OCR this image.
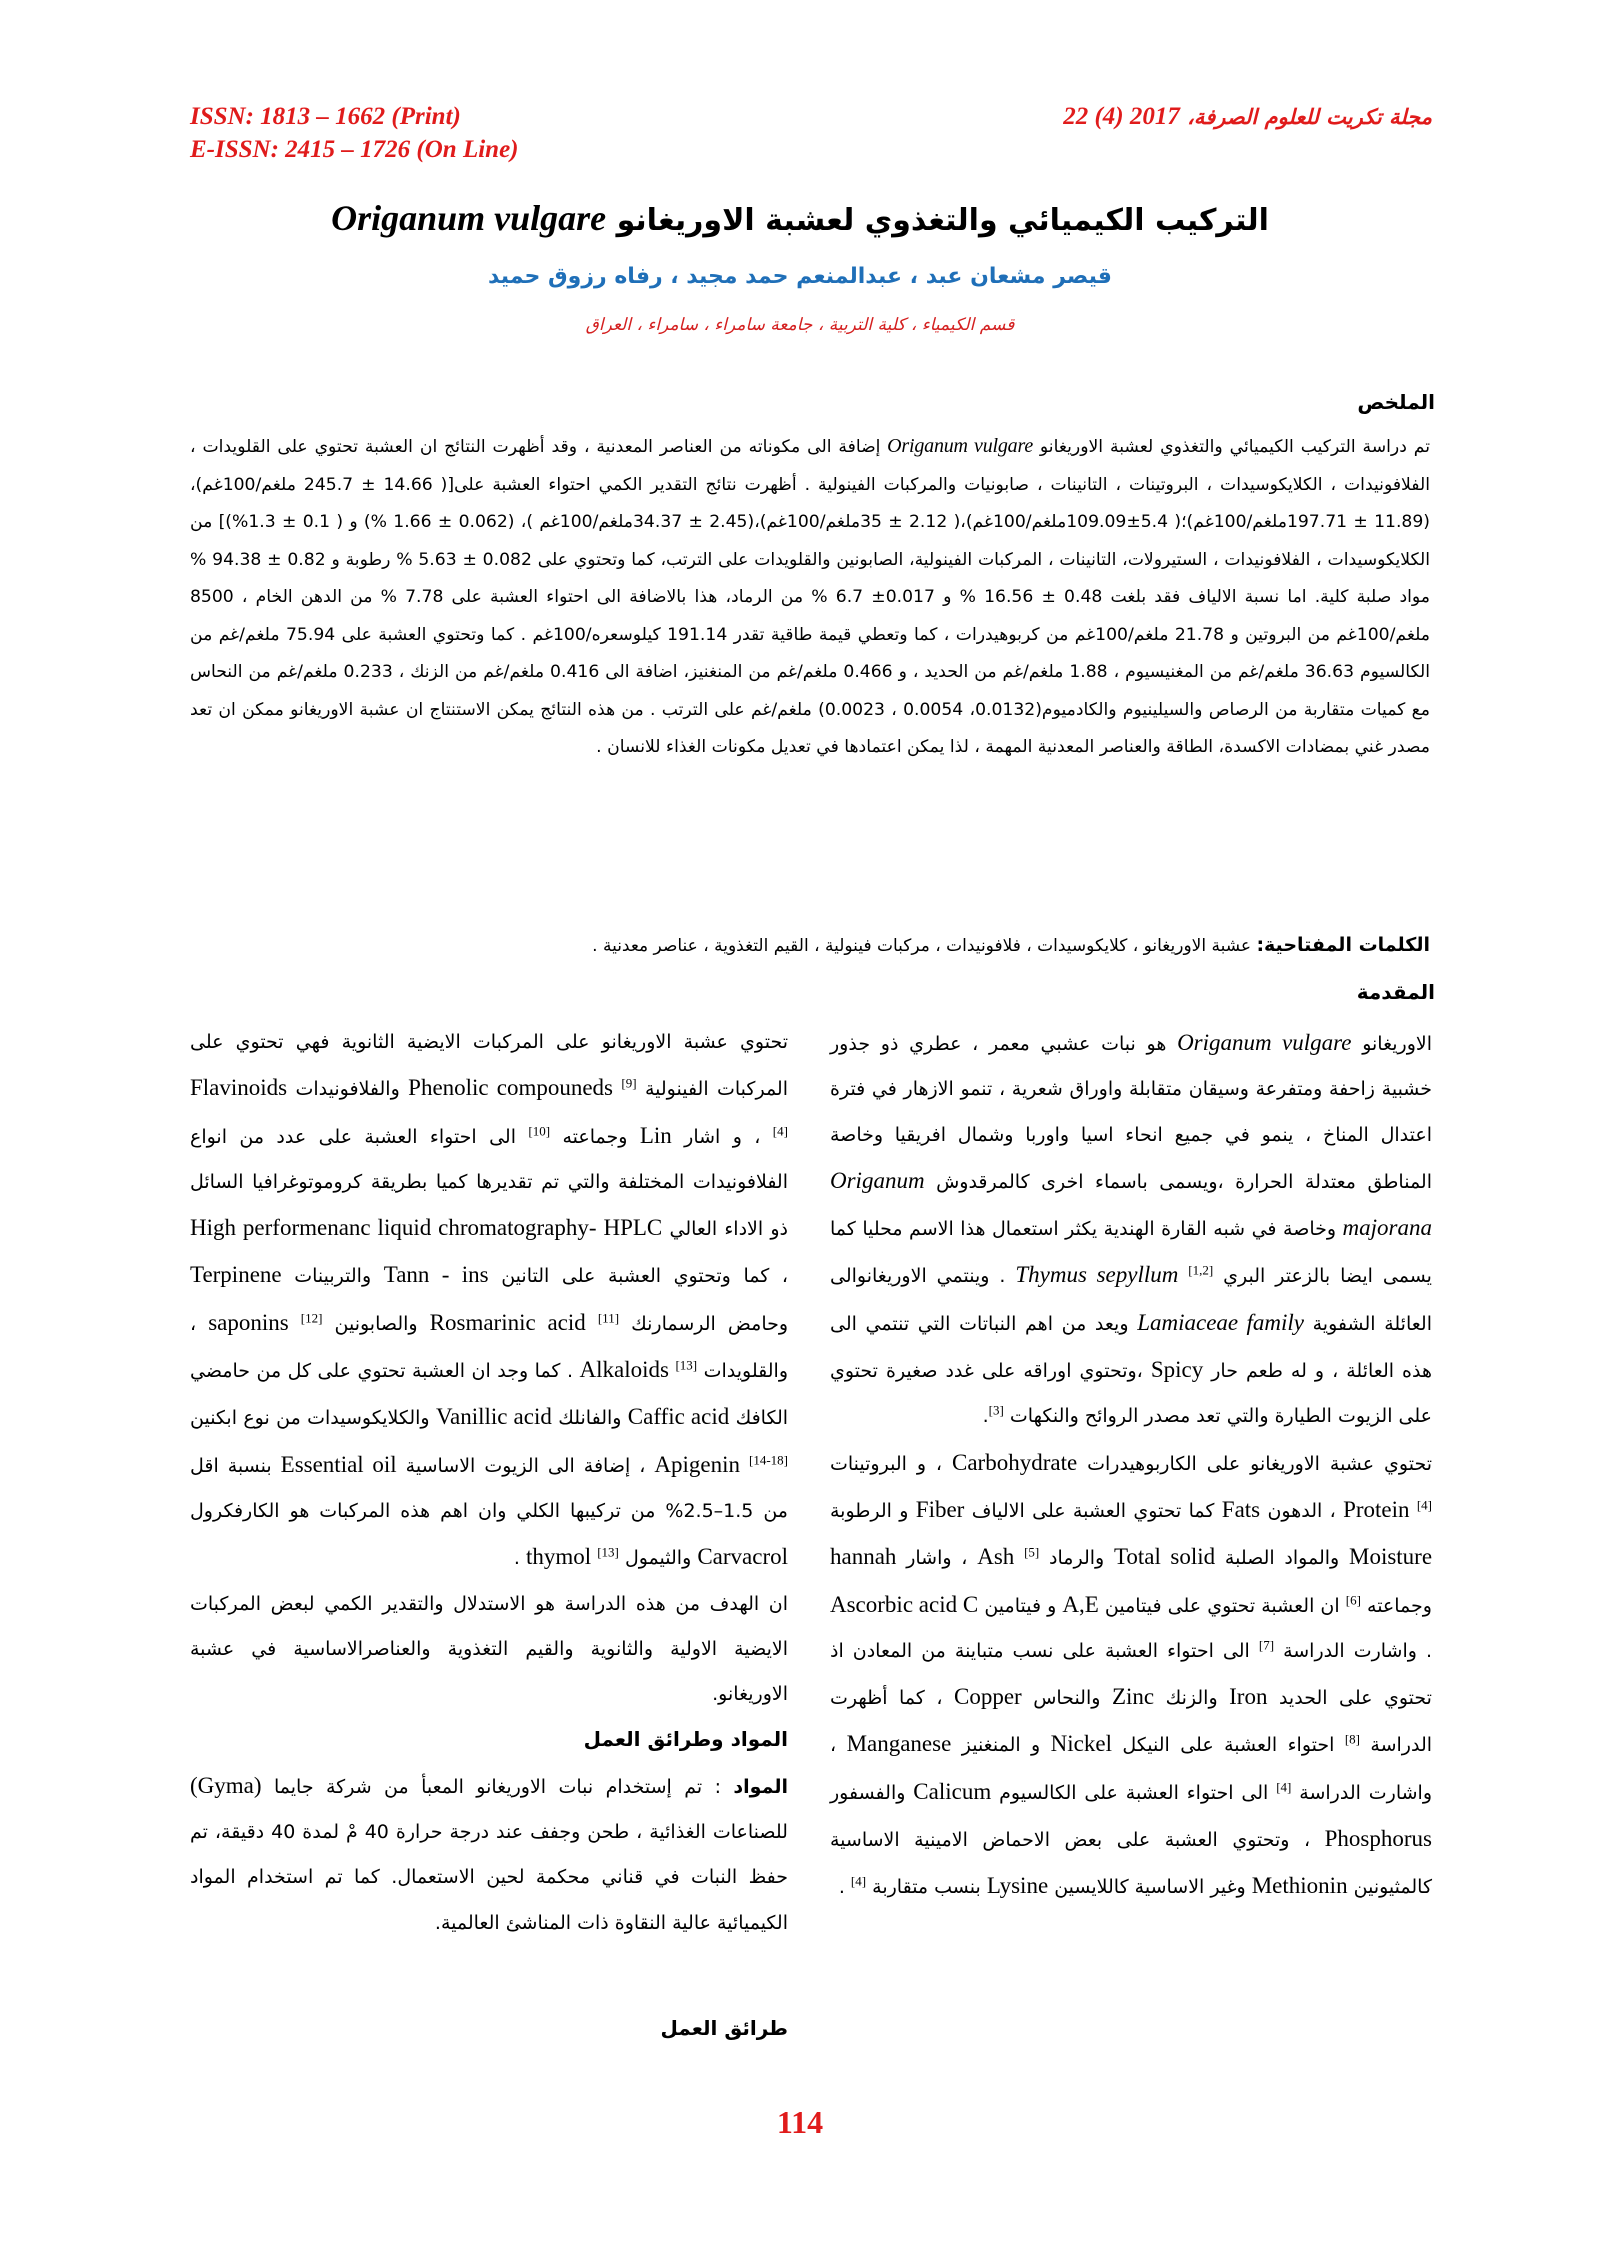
ISSN: 1813 – 1662 (Print)
E-ISSN: 2415 – 1726 (On Line)
مجلة تكريت للعلوم الصرفة، 22 (4) 2017
التركيب الكيميائي والتغذوي لعشبة الاوريغانو Origanum vulgare
قيصر مشعان عبد ، عبدالمنعم حمد مجيد ، رفاه رزوق حميد
قسم الكيمياء ، كلية التربية ، جامعة سامراء ، سامراء ، العراق
الملخص
تم دراسة التركيب الكيميائي والتغذوي لعشبة الاوريغانو Origanum vulgare إضافة الى مكوناته من العناصر المعدنية ، وقد أظهرت النتائج ان العشبة تحتوي على القلويدات ، الفلافونيدات ، الكلايكوسيدات ، البروتينات ، التانينات ، صابونيات والمركبات الفينولية . أظهرت نتائج التقدير الكمي احتواء العشبة على[( 14.66 ± 245.7 ملغم/100غم)، (11.89 ± 197.71ملغم/100غم)؛( 5.4±109.09ملغم/100غم)،( 2.12 ± 35ملغم/100غم)،(2.45 ± 34.37ملغم/100غم )، (0.062 ± 1.66 %) و ( 0.1 ± 1.3%)] من الكلايكوسيدات ، الفلافونيدات ، الستيرولات، التانينات ، المركبات الفينولية، الصابونين والقلويدات على الترتب، كما وتحتوي على 0.082 ± 5.63 % رطوبة و 0.82 ± 94.38 % مواد صلبة كلية. اما نسبة الالياف فقد بلغت 0.48 ± 16.56 % و 0.017± 6.7 % من الرماد، هذا بالاضافة الى احتواء العشبة على 7.78 % من الدهن الخام ، 8500 ملغم/100غم من البروتين و 21.78 ملغم/100غم من كربوهيدرات ، كما وتعطي قيمة طاقية تقدر 191.14 كيلوسعره/100غم . كما وتحتوي العشبة على 75.94 ملغم/غم من الكالسيوم 36.63 ملغم/غم من المغنيسيوم ، 1.88 ملغم/غم من الحديد ، و 0.466 ملغم/غم من المنغنيز، اضافة الى 0.416 ملغم/غم من الزنك ، 0.233 ملغم/غم من النحاس مع كميات متقاربة من الرصاص والسيلينيوم والكادميوم(0.0132، 0.0054 ، 0.0023) ملغم/غم على الترتب . من هذه النتائج يمكن الاستنتاج ان عشبة الاوريغانو ممكن ان تعد مصدر غني بمضادات الاكسدة، الطاقة والعناصر المعدنية المهمة ، لذا يمكن اعتمادها في تعديل مكونات الغذاء للانسان .
الكلمات المفتاحية: عشبة الاوريغانو ، كلايكوسيدات ، فلافونيدات ، مركبات فينولية ، القيم التغذوية ، عناصر معدنية .
المقدمة
الاوريغانو Origanum vulgare هو نبات عشبي معمر ، عطري ذو جذور خشبية زاحفة ومتفرعة وسيقان متقابلة واوراق شعرية ، تنمو الازهار في فترة اعتدال المناخ ، ينمو في جميع انحاء اسيا واوربا وشمال افريقيا وخاصة المناطق معتدلة الحرارة ،ويسمى باسماء اخرى كالمرقدوش Origanum majorana وخاصة في شبه القارة الهندية يكثر استعمال هذا الاسم محليا كما يسمى ايضا بالزعتر البري Thymus sepyllum [1,2] . وينتمي الاوريغانوالى العائلة الشفوية Lamiaceae family ويعد من اهم النباتات التي تنتمي الى هذه العائلة ، و له طعم حار Spicy ،وتحتوي اوراقه على غدد صغيرة تحتوي على الزيوت الطيارة والتي تعد مصدر الروائح والنكهات [3].
تحتوي عشبة الاوريغانو على الكاربوهيدرات Carbohydrate ، و البروتينات Protein [4] ، الدهون Fats كما تحتوي العشبة على الالياف Fiber و الرطوبة Moisture والمواد الصلبة Total solid والرماد Ash [5] ، واشار hannah وجماعته [6] ان العشبة تحتوي على فيتامين A,E و فيتامين Ascorbic acid C . واشارت الدراسة [7] الى احتواء العشبة على نسب متباينة من المعادن اذ تحتوي على الحديد Iron والزنك Zinc والنحاس Copper ، كما أظهرت الدراسة [8] احتواء العشبة على النيكل Nickel و المنغنيز Manganese ، واشارت الدراسة [4] الى احتواء العشبة على الكالسيوم Calicum والفسفور Phosphorus ، وتحتوي العشبة على بعض الاحماض الامينية الاساسية كالمثيونين Methionin وغير الاساسية كاللايسين Lysine بنسب متقاربة [4] .
تحتوي عشبة الاوريغانو على المركبات الايضية الثانوية فهي تحتوي على المركبات الفينولية Phenolic compouneds [9] والفلافونيدات Flavinoids [4] ، و اشار Lin وجماعته [10] الى احتواء العشبة على عدد من انواع الفلافونيدات المختلفة والتي تم تقديرها كميا بطريقة كروموتوغرافيا السائل ذو الاداء العالي High performenanc liquid chromatography- HPLC ، كما وتحتوي العشبة على التانين Tann - ins والتربينات Terpinene وحامض الرسمارنك Rosmarinic acid [11] والصابونين saponins [12] ، والقلويدات Alkaloids [13] . كما وجد ان العشبة تحتوي على كل من حامضي الكافك Caffic acid والفانلك Vanillic acid والكلايكوسيدات من نوع ابكنين Apigenin [14-18] ، إضافة الى الزيوت الاساسية Essential oil بنسبة اقل من 1.5–2.5% من تركيبها الكلي وان اهم هذه المركبات هو الكارفكرول Carvacrol والثيمول thymol [13] .
ان الهدف من هذه الدراسة هو الاستدلال والتقدير الكمي لبعض المركبات الايضية الاولية والثانوية والقيم التغذوية والعناصرالاساسية في عشبة الاوريغانو.
المواد وطرائق العمل
المواد : تم إستخدام نبات الاوريغانو المعبأ من شركة جايما (Gyma) للصناعات الغذائية ، طحن وجفف عند درجة حرارة 40 مْ لمدة 40 دقيقة، تم حفظ النبات في قناني محكمة لحين الاستعمال. كما تم استخدام المواد الكيميائية عالية النقاوة ذات المناشئ العالمية.
طرائق العمل
114
